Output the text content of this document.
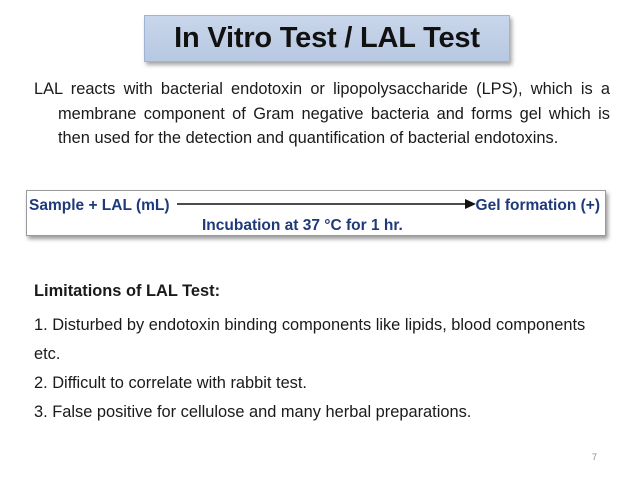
In Vitro Test / LAL Test

LAL reacts with bacterial endotoxin or lipopolysaccharide (LPS), which is a membrane component of Gram negative bacteria and forms gel which is then used for the detection and quantification of bacterial endotoxins.

Sample + LAL (mL)	Gel formation (+)
Incubation at 37 °C for 1 hr.

Limitations of LAL Test:

1. Disturbed by endotoxin binding components like lipids, blood components etc.
2. Difficult to correlate with rabbit test.
3. False positive for cellulose and many herbal preparations.
7
